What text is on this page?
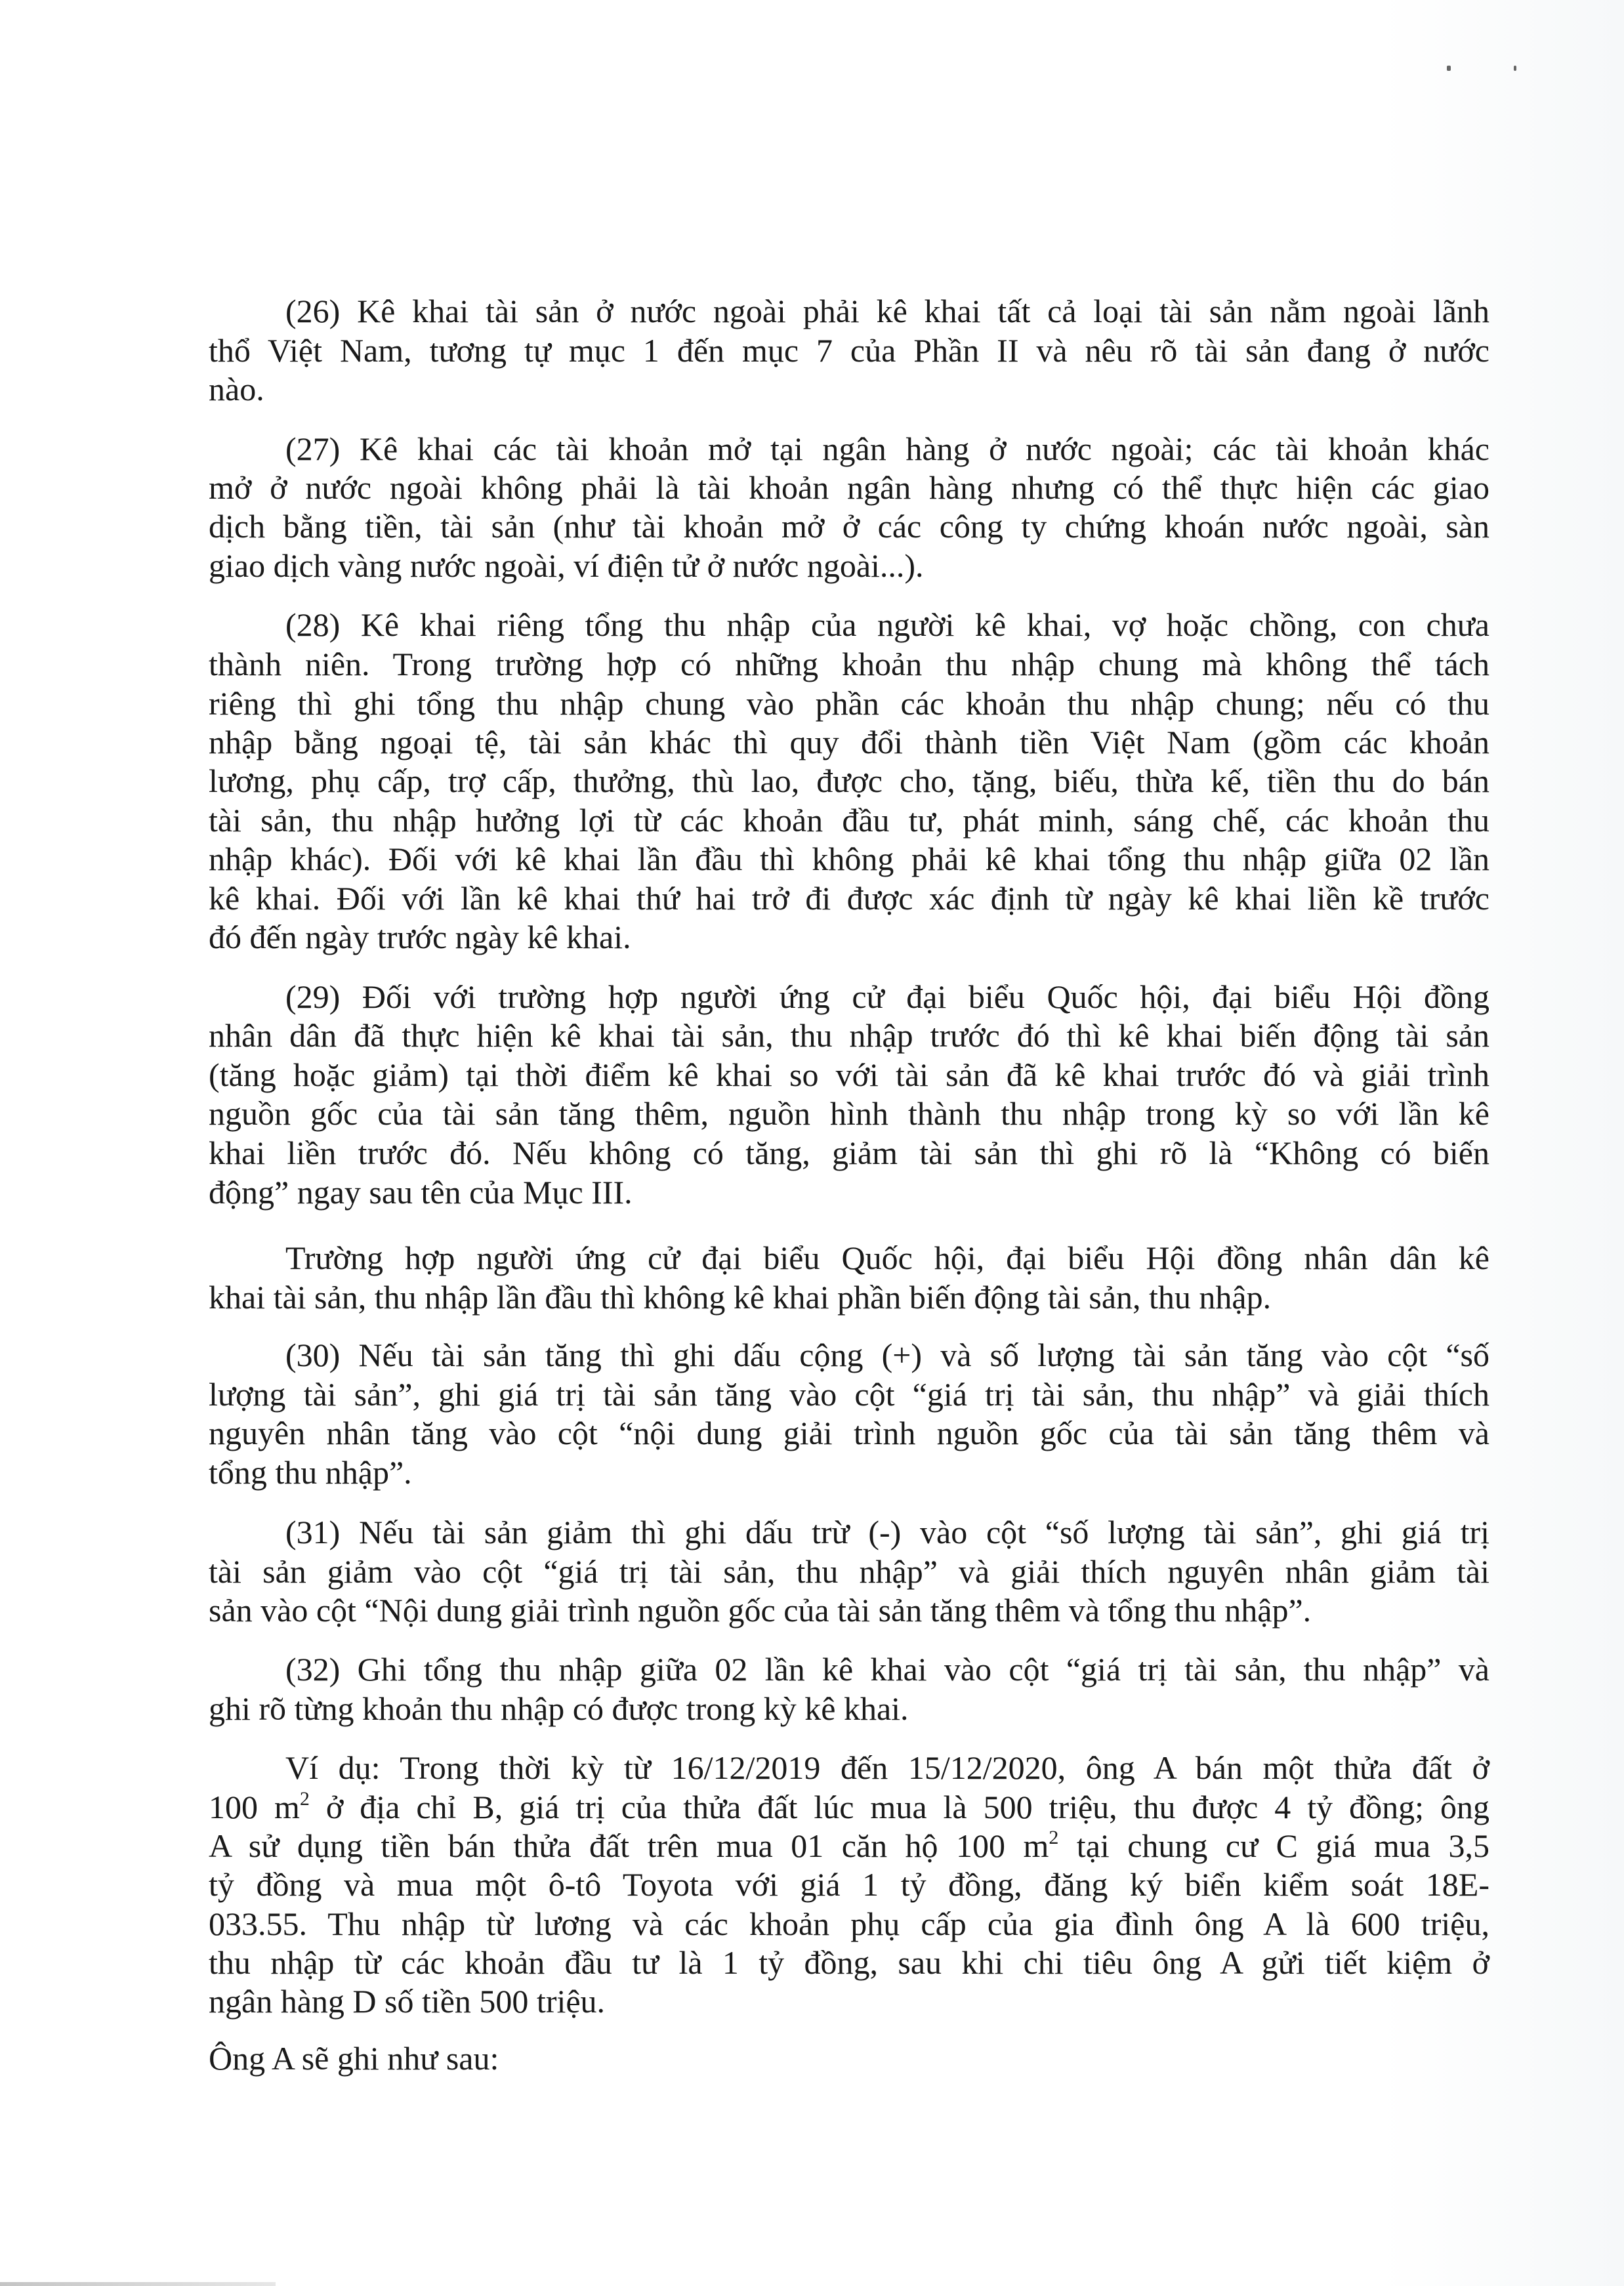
(26) Kê khai tài sản ở nước ngoài phải kê khai tất cả loại tài sản nằm ngoài lãnh
thổ Việt Nam, tương tự mục 1 đến mục 7 của Phần II và nêu rõ tài sản đang ở nước
nào.
(27) Kê khai các tài khoản mở tại ngân hàng ở nước ngoài; các tài khoản khác
mở ở nước ngoài không phải là tài khoản ngân hàng nhưng có thể thực hiện các giao
dịch bằng tiền, tài sản (như tài khoản mở ở các công ty chứng khoán nước ngoài, sàn
giao dịch vàng nước ngoài, ví điện tử ở nước ngoài...).
(28) Kê khai riêng tổng thu nhập của người kê khai, vợ hoặc chồng, con chưa
thành niên. Trong trường hợp có những khoản thu nhập chung mà không thể tách
riêng thì ghi tổng thu nhập chung vào phần các khoản thu nhập chung; nếu có thu
nhập bằng ngoại tệ, tài sản khác thì quy đổi thành tiền Việt Nam (gồm các khoản
lương, phụ cấp, trợ cấp, thưởng, thù lao, được cho, tặng, biếu, thừa kế, tiền thu do bán
tài sản, thu nhập hưởng lợi từ các khoản đầu tư, phát minh, sáng chế, các khoản thu
nhập khác). Đối với kê khai lần đầu thì không phải kê khai tổng thu nhập giữa 02 lần
kê khai. Đối với lần kê khai thứ hai trở đi được xác định từ ngày kê khai liền kề trước
đó đến ngày trước ngày kê khai.
(29) Đối với trường hợp người ứng cử đại biểu Quốc hội, đại biểu Hội đồng
nhân dân đã thực hiện kê khai tài sản, thu nhập trước đó thì kê khai biến động tài sản
(tăng hoặc giảm) tại thời điểm kê khai so với tài sản đã kê khai trước đó và giải trình
nguồn gốc của tài sản tăng thêm, nguồn hình thành thu nhập trong kỳ so với lần kê
khai liền trước đó. Nếu không có tăng, giảm tài sản thì ghi rõ là “Không có biến
động” ngay sau tên của Mục III.
Trường hợp người ứng cử đại biểu Quốc hội, đại biểu Hội đồng nhân dân kê
khai tài sản, thu nhập lần đầu thì không kê khai phần biến động tài sản, thu nhập.
(30) Nếu tài sản tăng thì ghi dấu cộng (+) và số lượng tài sản tăng vào cột “số
lượng tài sản”, ghi giá trị tài sản tăng vào cột “giá trị tài sản, thu nhập” và giải thích
nguyên nhân tăng vào cột “nội dung giải trình nguồn gốc của tài sản tăng thêm và
tổng thu nhập”.
(31) Nếu tài sản giảm thì ghi dấu trừ (-) vào cột “số lượng tài sản”, ghi giá trị
tài sản giảm vào cột “giá trị tài sản, thu nhập” và giải thích nguyên nhân giảm tài
sản vào cột “Nội dung giải trình nguồn gốc của tài sản tăng thêm và tổng thu nhập”.
(32) Ghi tổng thu nhập giữa 02 lần kê khai vào cột “giá trị tài sản, thu nhập” và
ghi rõ từng khoản thu nhập có được trong kỳ kê khai.
Ví dụ: Trong thời kỳ từ 16/12/2019 đến 15/12/2020, ông A bán một thửa đất ở
100 $m^2$ ở địa chỉ B, giá trị của thửa đất lúc mua là 500 triệu, thu được 4 tỷ đồng; ông
A sử dụng tiền bán thửa đất trên mua 01 căn hộ 100 $m^2$ tại chung cư C giá mua 3,5
tỷ đồng và mua một ô-tô Toyota với giá 1 tỷ đồng, đăng ký biển kiểm soát 18E-
033.55. Thu nhập từ lương và các khoản phụ cấp của gia đình ông A là 600 triệu,
thu nhập từ các khoản đầu tư là 1 tỷ đồng, sau khi chi tiêu ông A gửi tiết kiệm ở
ngân hàng D số tiền 500 triệu.
Ông A sẽ ghi như sau:
